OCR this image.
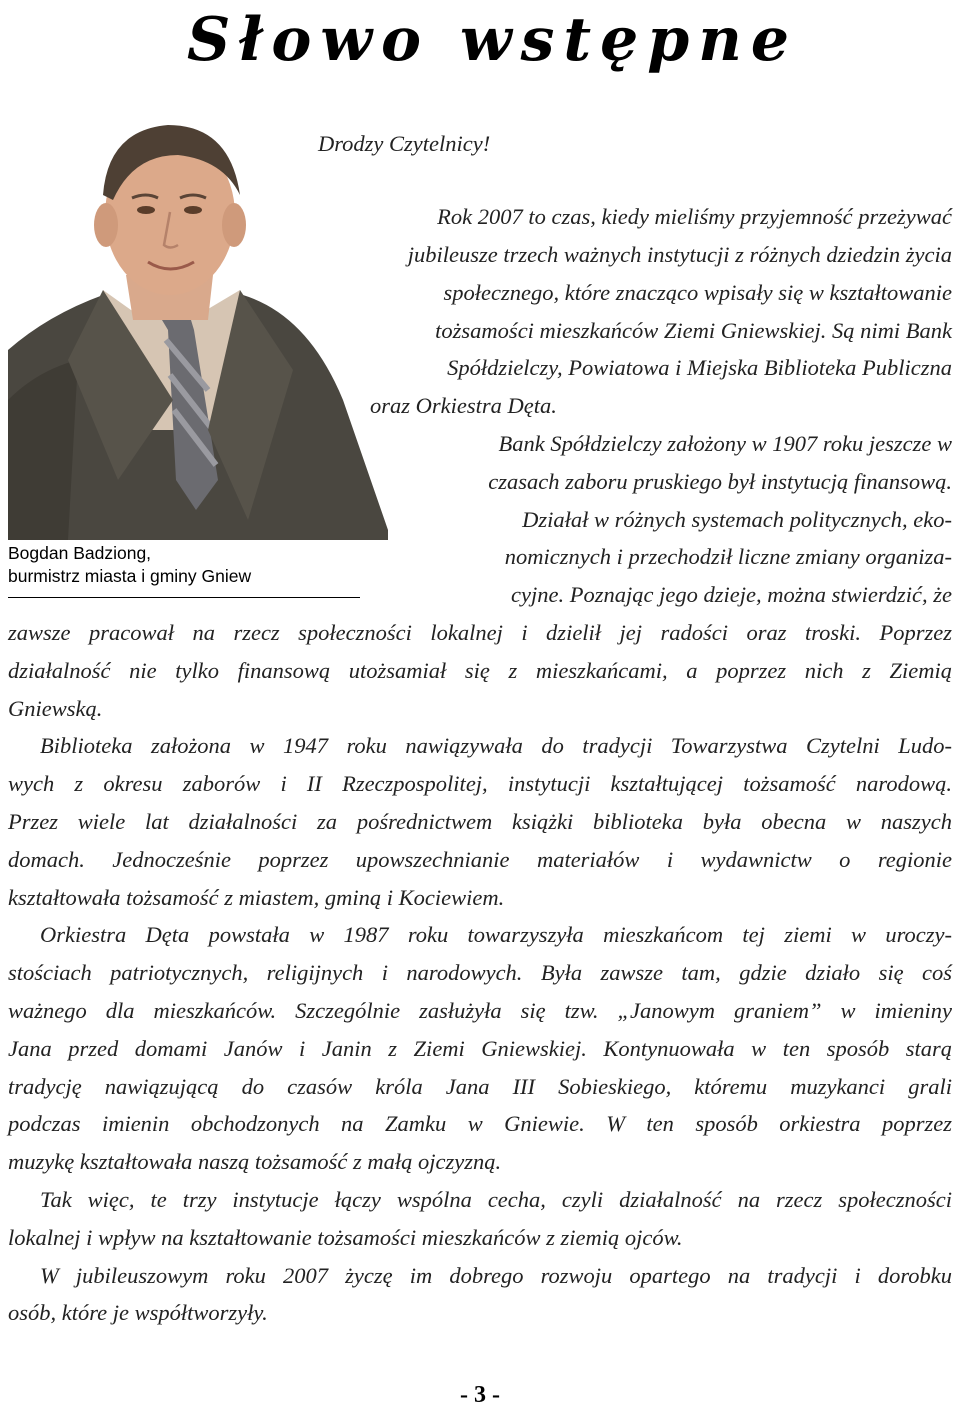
Słowo wstępne
Bogdan Badziong,
burmistrz miasta i gminy Gniew
Drodzy Czytelnicy!
Rok 2007 to czas, kiedy mieliśmy przyjemność przeżywać
jubileusze trzech ważnych instytucji z różnych dziedzin życia
społecznego, które znacząco wpisały się w kształtowanie
tożsamości mieszkańców Ziemi Gniewskiej. Są nimi Bank
Spółdzielczy, Powiatowa i Miejska Biblioteka Publiczna
oraz Orkiestra Dęta.
Bank Spółdzielczy założony w 1907 roku jeszcze w
czasach zaboru pruskiego był instytucją finansową.
Działał w różnych systemach politycznych, eko-
nomicznych i przechodził liczne zmiany organiza-
cyjne. Poznając jego dzieje, można stwierdzić, że
zawsze pracował na rzecz społeczności lokalnej i dzielił jej radości oraz troski. Poprzez
działalność nie tylko finansową utożsamiał się z mieszkańcami, a poprzez nich z Ziemią
Gniewską.
Biblioteka założona w 1947 roku nawiązywała do tradycji Towarzystwa Czytelni Ludo-
wych z okresu zaborów i II Rzeczpospolitej, instytucji kształtującej tożsamość narodową.
Przez wiele lat działalności za pośrednictwem książki biblioteka była obecna w naszych
domach. Jednocześnie poprzez upowszechnianie materiałów i wydawnictw o regionie
kształtowała tożsamość z miastem, gminą i Kociewiem.
Orkiestra Dęta powstała w 1987 roku towarzyszyła mieszkańcom tej ziemi w uroczy-
stościach patriotycznych, religijnych i narodowych. Była zawsze tam, gdzie działo się coś
ważnego dla mieszkańców. Szczególnie zasłużyła się tzw. „Janowym graniem” w imieniny
Jana przed domami Janów i Janin z Ziemi Gniewskiej. Kontynuowała w ten sposób starą
tradycję nawiązującą do czasów króla Jana III Sobieskiego, któremu muzykanci grali
podczas imienin obchodzonych na Zamku w Gniewie. W ten sposób orkiestra poprzez
muzykę kształtowała naszą tożsamość z małą ojczyzną.
Tak więc, te trzy instytucje łączy wspólna cecha, czyli działalność na rzecz społeczności
lokalnej i wpływ na kształtowanie tożsamości mieszkańców z ziemią ojców.
W jubileuszowym roku 2007 życzę im dobrego rozwoju opartego na tradycji i dorobku
osób, które je współtworzyły.
- 3 -
